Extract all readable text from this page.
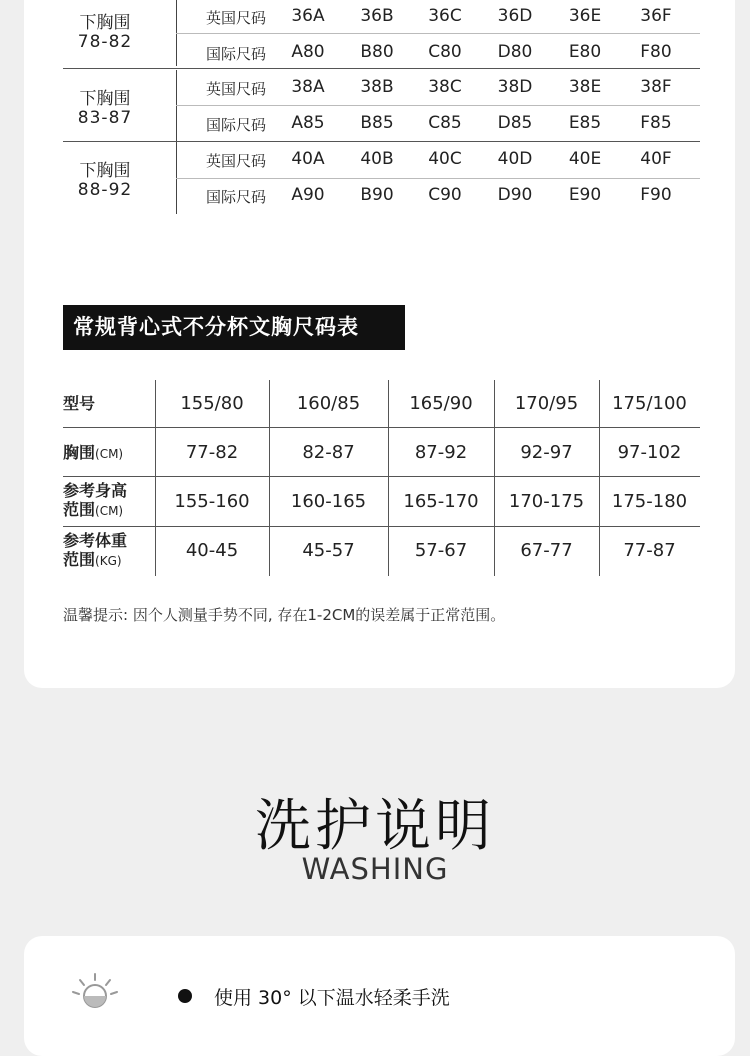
下胸围
78-82
英国尺码	36A	36B	36C	36D	36E	36F
国际尺码	A80	B80	C80	D80	E80	F80
下胸围
83-87
英国尺码	38A	38B	38C	38D	38E	38F
国际尺码	A85	B85	C85	D85	E85	F85
下胸围
88-92
英国尺码	40A	40B	40C	40D	40E	40F
国际尺码	A90	B90	C90	D90	E90	F90
常规背心式不分杯文胸尺码表
型号	155/80	160/85	165/90	170/95	175/100
胸围(CM)	77-82	82-87	87-92	92-97	97-102
参考身高
范围(CM)	155-160	160-165	165-170	170-175	175-180
参考体重
范围(KG)	40-45	45-57	57-67	67-77	77-87
温馨提示: 因个人测量手势不同, 存在1-2CM的误差属于正常范围。
洗护说明
WASHING
使用 30° 以下温水轻柔手洗
